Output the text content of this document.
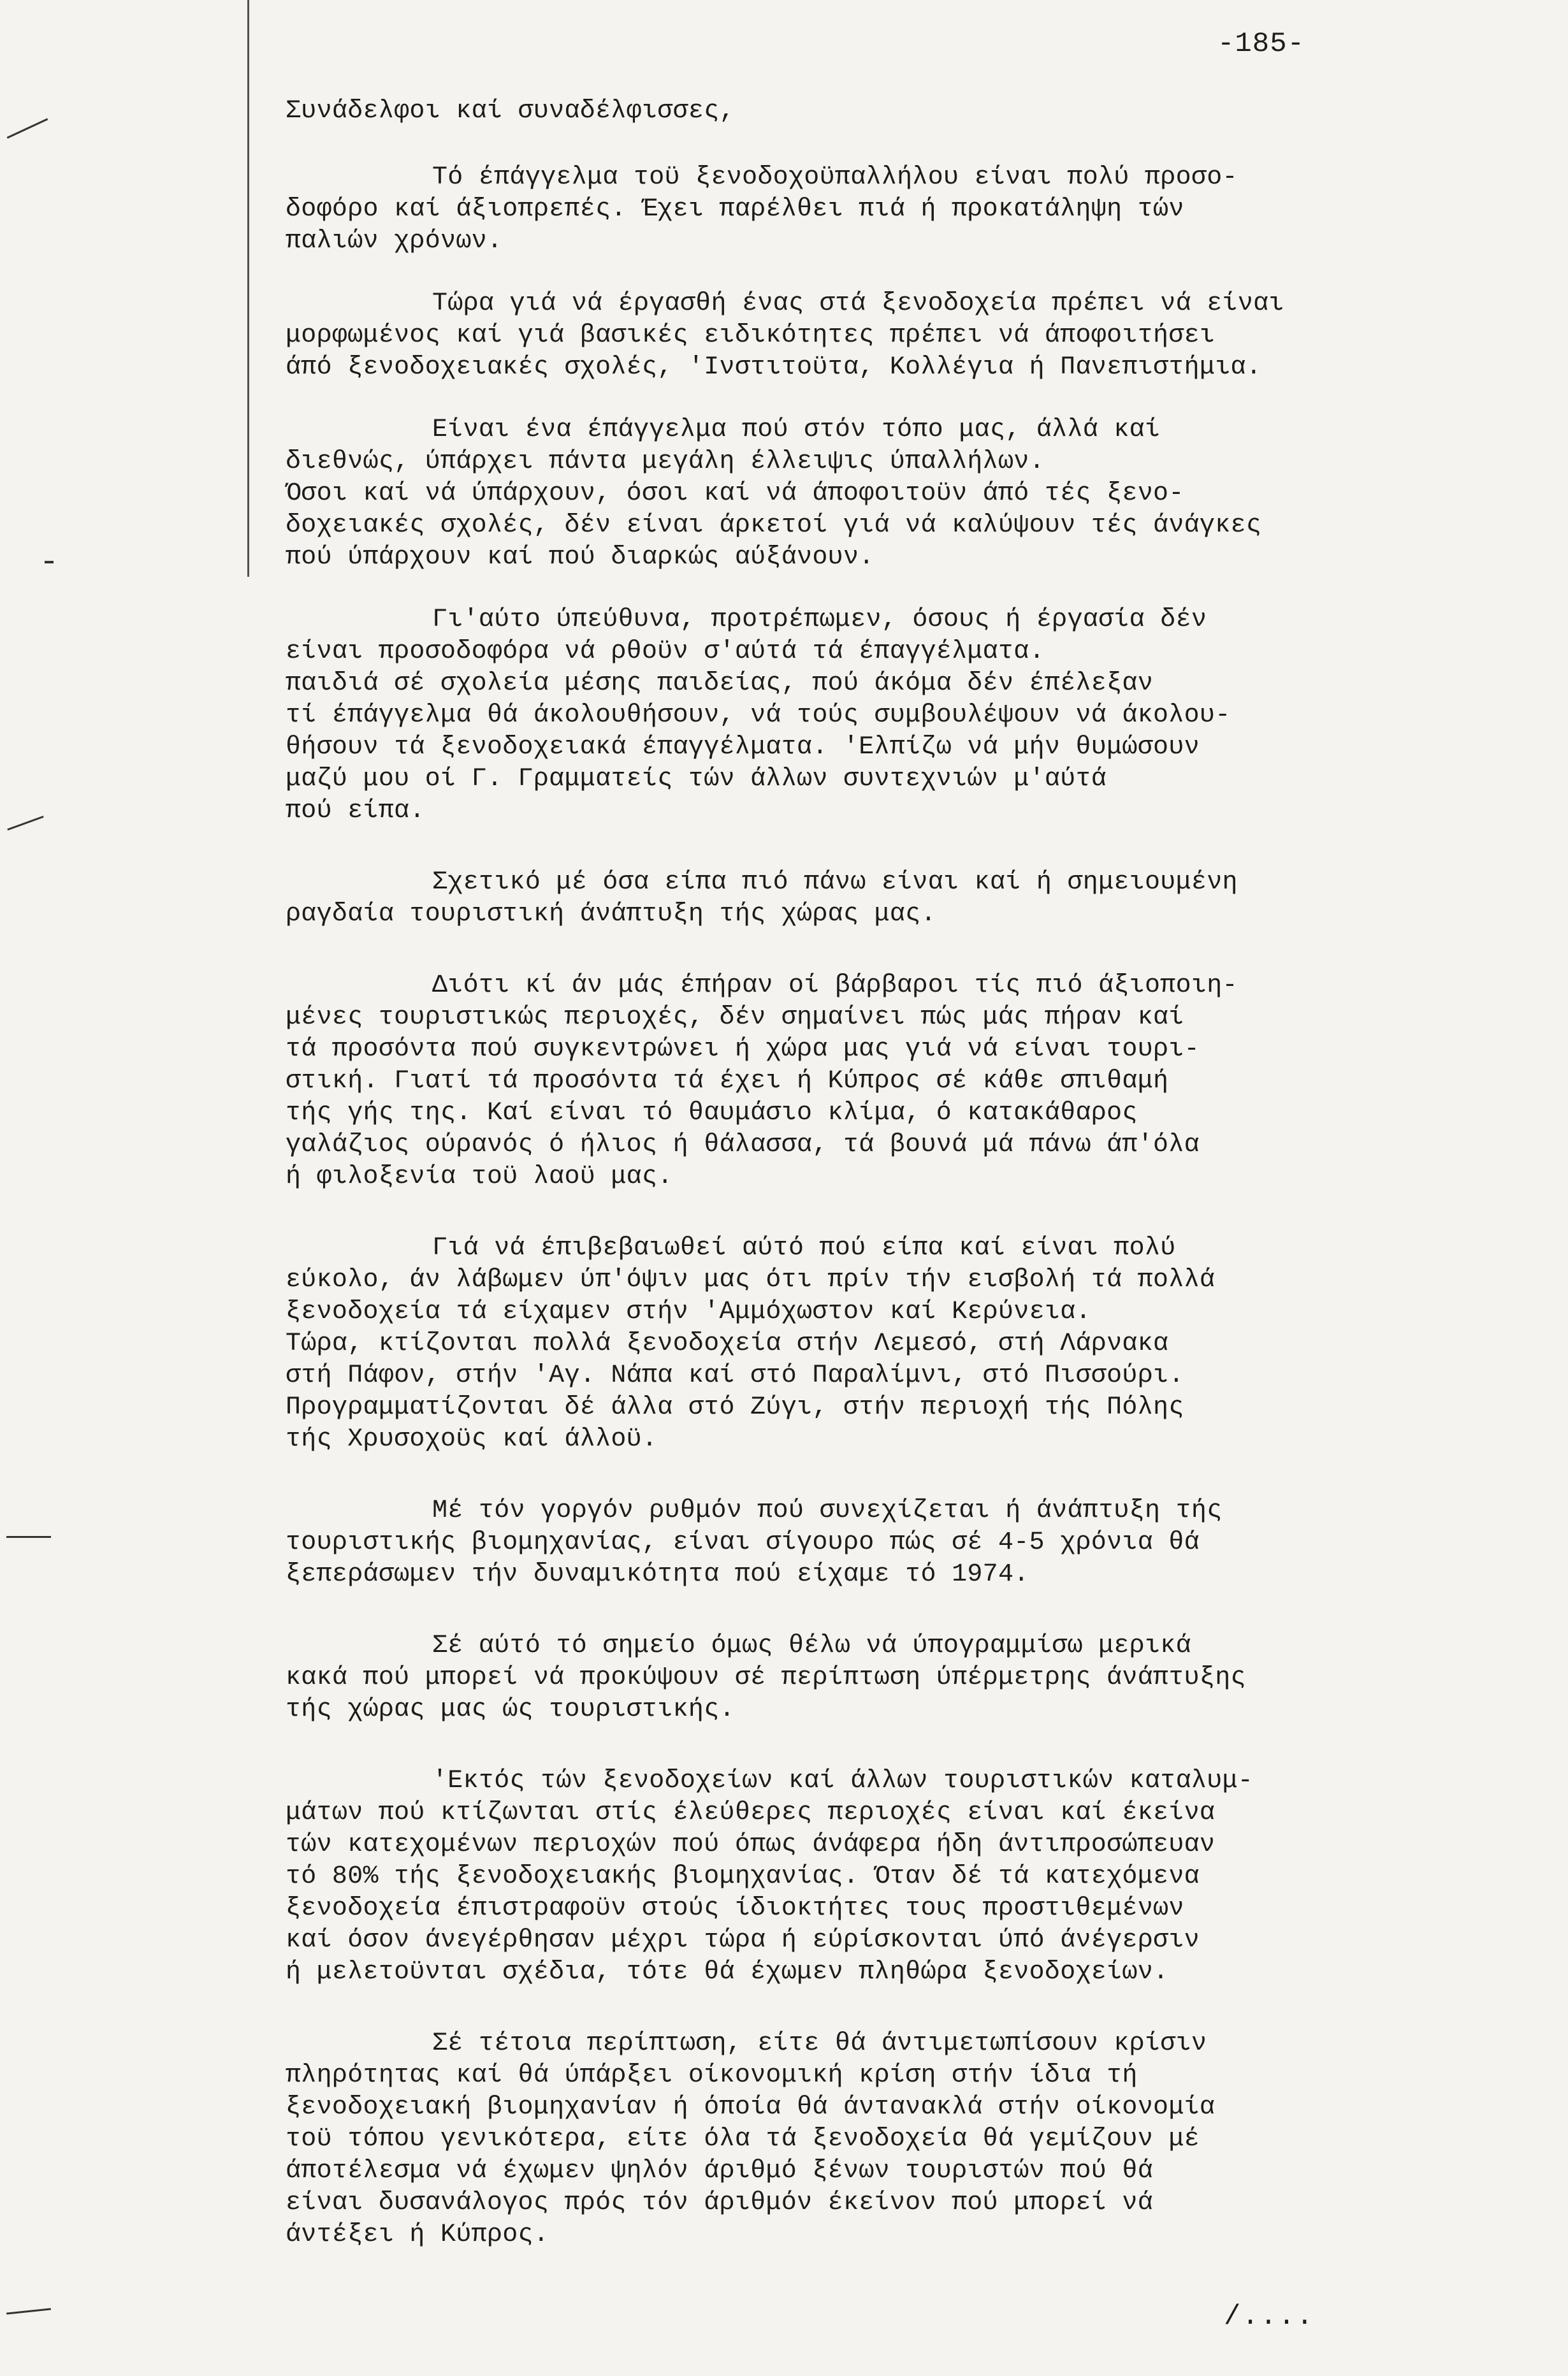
-185-
Συνάδελφοι καί συναδέλφισσες,
Τό έπάγγελμα τοϋ ξενοδοχοϋπαλλήλου είναι πολύ προσο-
δοφόρο καί άξιοπρεπές. Έχει παρέλθει πιά ή προκατάληψη τών
παλιών χρόνων.
Τώρα γιά νά έργασθή ένας στά ξενοδοχεία πρέπει νά είναι
μορφωμένος καί γιά βασικές ειδικότητες πρέπει νά άποφοιτήσει
άπό ξενοδοχειακές σχολές, 'Ινστιτοϋτα, Κολλέγια ή Πανεπιστήμια.
Είναι ένα έπάγγελμα πού στόν τόπο μας, άλλά καί
διεθνώς, ύπάρχει πάντα μεγάλη έλλειψις ύπαλλήλων.
Όσοι καί νά ύπάρχουν, όσοι καί νά άποφοιτοϋν άπό τές ξενο-
δοχειακές σχολές, δέν είναι άρκετοί γιά νά καλύψουν τές άνάγκες
πού ύπάρχουν καί πού διαρκώς αύξάνουν.
Γι'αύτο ύπεύθυνα, προτρέπωμεν, όσους ή έργασία δέν
είναι προσοδοφόρα νά ρθοϋν σ'αύτά τά έπαγγέλματα.
παιδιά σέ σχολεία μέσης παιδείας, πού άκόμα δέν έπέλεξαν
τί έπάγγελμα θά άκολουθήσουν, νά τούς συμβουλέψουν νά άκολου-
θήσουν τά ξενοδοχειακά έπαγγέλματα. 'Ελπίζω νά μήν θυμώσουν
μαζύ μου οί Γ. Γραμματείς τών άλλων συντεχνιών μ'αύτά
πού είπα.
Σχετικό μέ όσα είπα πιό πάνω είναι καί ή σημειουμένη
ραγδαία τουριστική άνάπτυξη τής χώρας μας.
Διότι κί άν μάς έπήραν οί βάρβαροι τίς πιό άξιοποιη-
μένες τουριστικώς περιοχές, δέν σημαίνει πώς μάς πήραν καί
τά προσόντα πού συγκεντρώνει ή χώρα μας γιά νά είναι τουρι-
στική. Γιατί τά προσόντα τά έχει ή Κύπρος σέ κάθε σπιθαμή
τής γής της. Καί είναι τό θαυμάσιο κλίμα, ό κατακάθαρος
γαλάζιος ούρανός ό ήλιος ή θάλασσα, τά βουνά μά πάνω άπ'όλα
ή φιλοξενία τοϋ λαοϋ μας.
Γιά νά έπιβεβαιωθεί αύτό πού είπα καί είναι πολύ
εύκολο, άν λάβωμεν ύπ'όψιν μας ότι πρίν τήν εισβολή τά πολλά
ξενοδοχεία τά είχαμεν στήν 'Αμμόχωστον καί Κερύνεια.
Τώρα, κτίζονται πολλά ξενοδοχεία στήν Λεμεσό, στή Λάρνακα
στή Πάφον, στήν 'Αγ. Νάπα καί στό Παραλίμνι, στό Πισσούρι.
Προγραμματίζονται δέ άλλα στό Ζύγι, στήν περιοχή τής Πόλης
τής Χρυσοχοϋς καί άλλοϋ.
Μέ τόν γοργόν ρυθμόν πού συνεχίζεται ή άνάπτυξη τής
τουριστικής βιομηχανίας, είναι σίγουρο πώς σέ 4-5 χρόνια θά
ξεπεράσωμεν τήν δυναμικότητα πού είχαμε τό 1974.
Σέ αύτό τό σημείο όμως θέλω νά ύπογραμμίσω μερικά
κακά πού μπορεί νά προκύψουν σέ περίπτωση ύπέρμετρης άνάπτυξης
τής χώρας μας ώς τουριστικής.
'Εκτός τών ξενοδοχείων καί άλλων τουριστικών καταλυμ-
μάτων πού κτίζωνται στίς έλεύθερες περιοχές είναι καί έκείνα
τών κατεχομένων περιοχών πού όπως άνάφερα ήδη άντιπροσώπευαν
τό 80% τής ξενοδοχειακής βιομηχανίας. Όταν δέ τά κατεχόμενα
ξενοδοχεία έπιστραφοϋν στούς ίδιοκτήτες τους προστιθεμένων
καί όσον άνεγέρθησαν μέχρι τώρα ή εύρίσκονται ύπό άνέγερσιν
ή μελετοϋνται σχέδια, τότε θά έχωμεν πληθώρα ξενοδοχείων.
Σέ τέτοια περίπτωση, είτε θά άντιμετωπίσουν κρίσιν
πληρότητας καί θά ύπάρξει οίκονομική κρίση στήν ίδια τή
ξενοδοχειακή βιομηχανίαν ή όποία θά άντανακλά στήν οίκονομία
τοϋ τόπου γενικότερα, είτε όλα τά ξενοδοχεία θά γεμίζουν μέ
άποτέλεσμα νά έχωμεν ψηλόν άριθμό ξένων τουριστών πού θά
είναι δυσανάλογος πρός τόν άριθμόν έκείνον πού μπορεί νά
άντέξει ή Κύπρος.
/....
